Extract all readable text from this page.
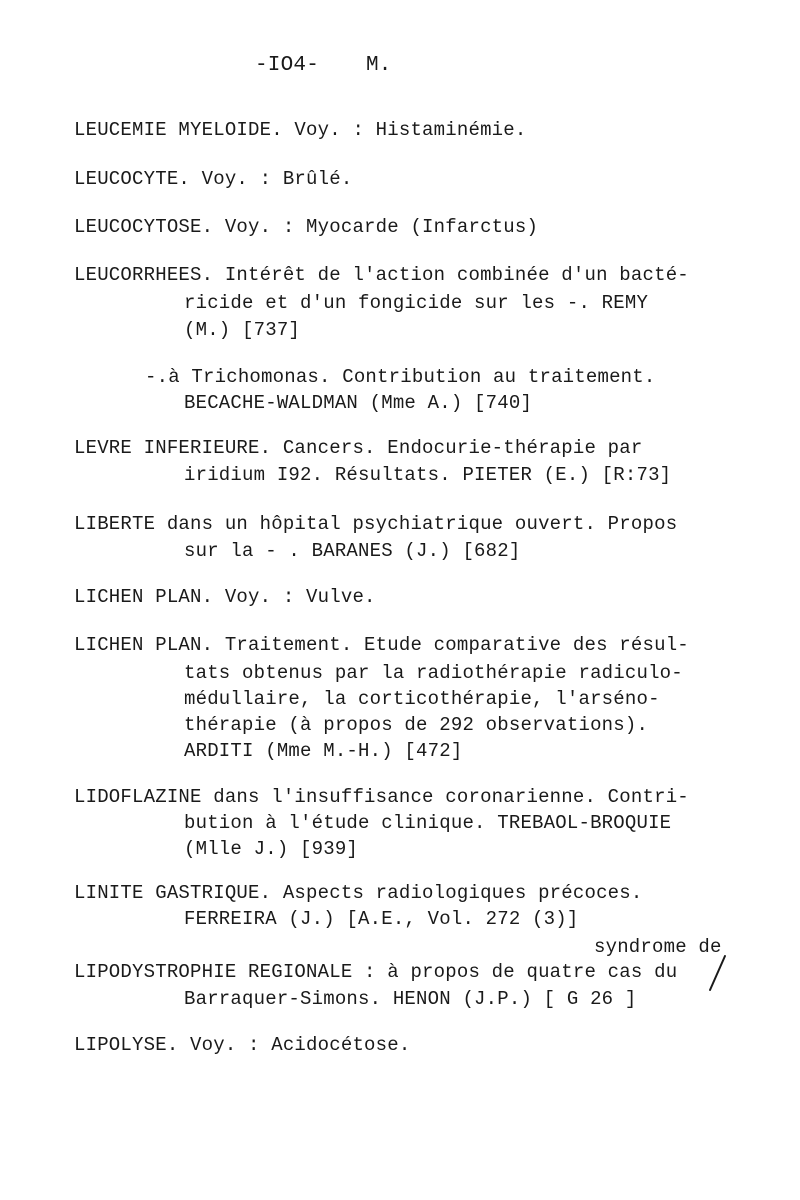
-IO4- M.
LEUCEMIE MYELOIDE. Voy. : Histaminémie.
LEUCOCYTE. Voy. : Brûlé.
LEUCOCYTOSE. Voy. : Myocarde (Infarctus)
LEUCORRHEES. Intérêt de l'action combinée d'un bacté-
ricide et d'un fongicide sur les -. REMY
(M.) [737]
-.à Trichomonas. Contribution au traitement.
BECACHE-WALDMAN (Mme A.) [740]
LEVRE INFERIEURE. Cancers. Endocurie-thérapie par
iridium I92. Résultats. PIETER (E.) [R:73]
LIBERTE dans un hôpital psychiatrique ouvert. Propos
sur la - . BARANES (J.) [682]
LICHEN PLAN. Voy. : Vulve.
LICHEN PLAN. Traitement. Etude comparative des résul-
tats obtenus par la radiothérapie radiculo-
médullaire, la corticothérapie, l'arséno-
thérapie (à propos de 292 observations).
ARDITI (Mme M.-H.) [472]
LIDOFLAZINE dans l'insuffisance coronarienne. Contri-
bution à l'étude clinique. TREBAOL-BROQUIE
(Mlle J.) [939]
LINITE GASTRIQUE. Aspects radiologiques précoces.
FERREIRA (J.) [A.E., Vol. 272 (3)]
syndrome de
LIPODYSTROPHIE REGIONALE : à propos de quatre cas du
Barraquer-Simons. HENON (J.P.) [ G 26 ]
LIPOLYSE. Voy. : Acidocétose.
